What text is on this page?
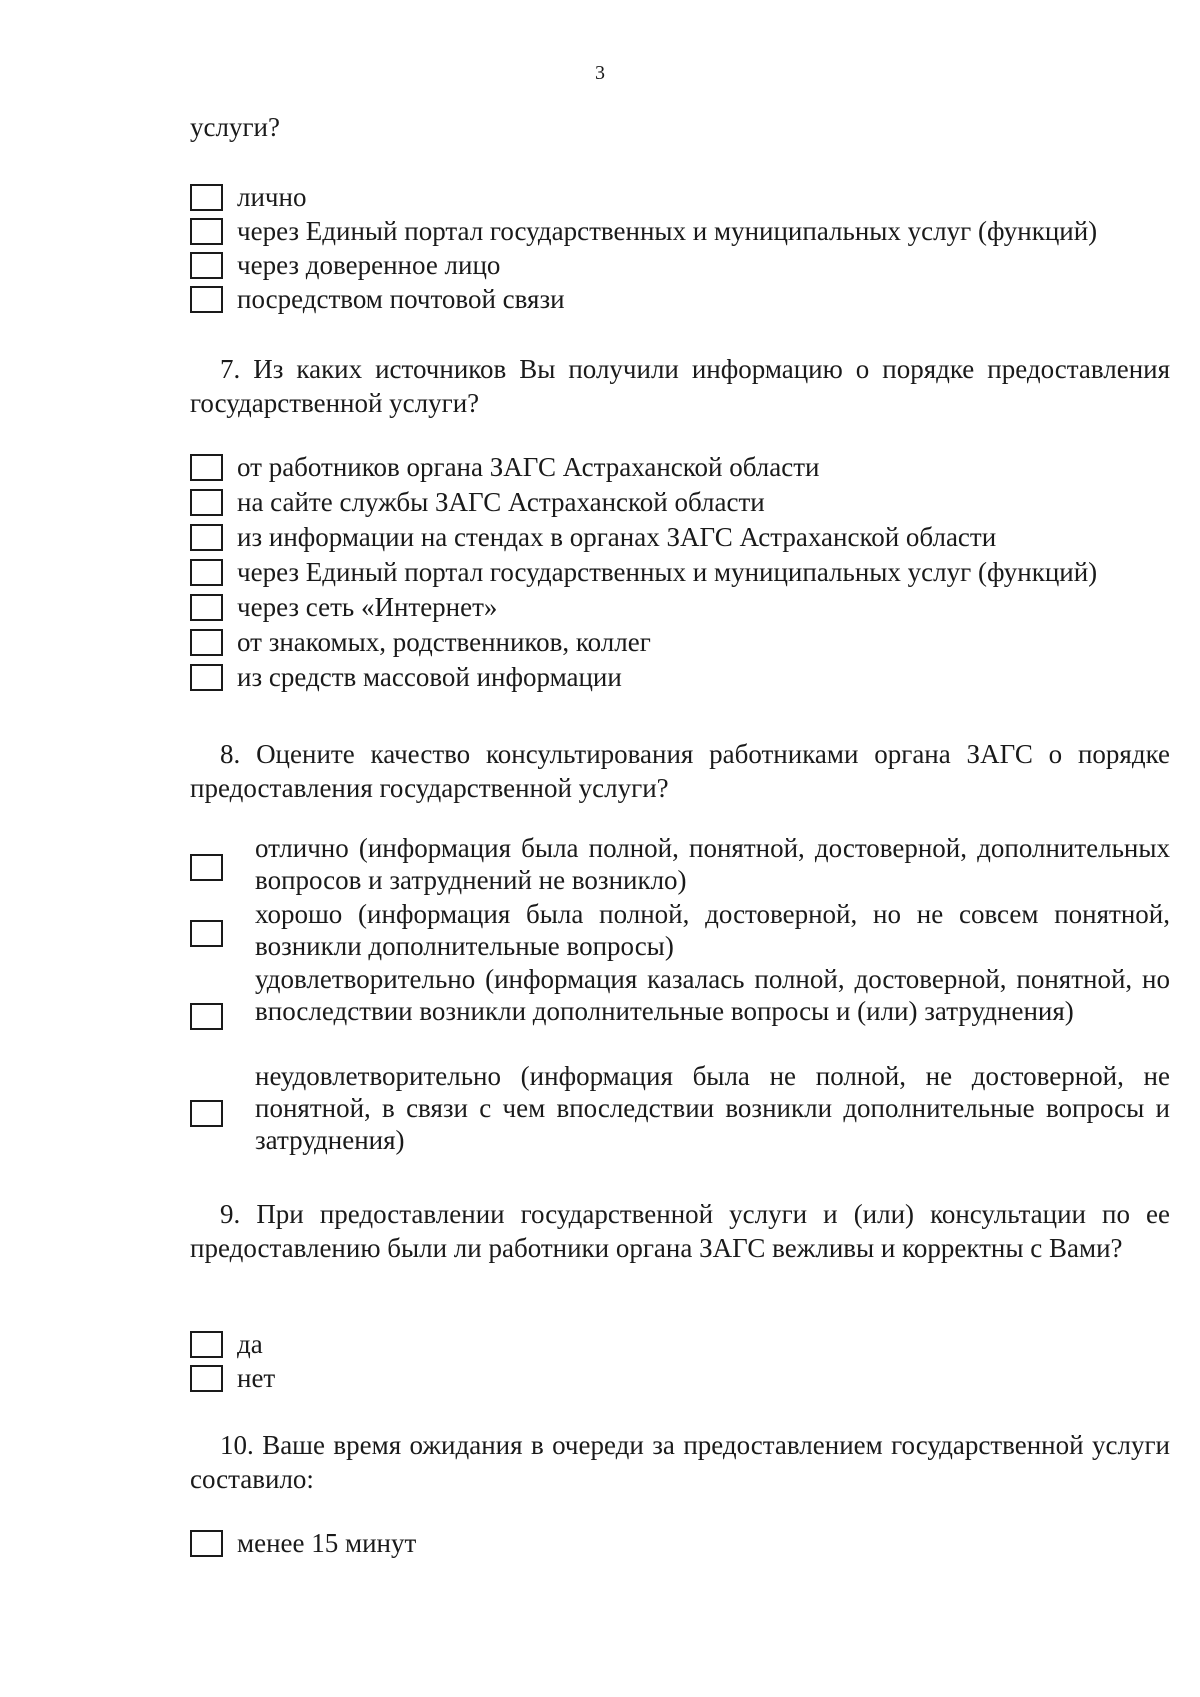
3
услуги?
лично
через Единый портал государственных и муниципальных услуг (функций)
через доверенное лицо
посредством почтовой связи
7. Из каких источников Вы получили информацию о порядке предоставления государственной услуги?
от работников органа ЗАГС Астраханской области
на сайте службы ЗАГС Астраханской области
из информации на стендах в органах ЗАГС Астраханской области
через Единый портал государственных и муниципальных услуг (функций)
через сеть «Интернет»
от знакомых, родственников, коллег
из средств массовой информации
8. Оцените качество консультирования работниками органа ЗАГС о порядке предоставления государственной услуги?
отлично (информация была полной, понятной, достоверной, дополнительных вопросов и затруднений не возникло)
хорошо (информация была полной, достоверной, но не совсем понятной, возникли дополнительные вопросы)
удовлетворительно (информация казалась полной, достоверной, понятной, но впоследствии возникли дополнительные вопросы и (или) затруднения)
неудовлетворительно (информация была не полной, не достоверной, не понятной, в связи с чем впоследствии возникли дополнительные вопросы и затруднения)
9. При предоставлении государственной услуги и (или) консультации по ее предоставлению были ли работники органа ЗАГС вежливы и корректны с Вами?
да
нет
10. Ваше время ожидания в очереди за предоставлением государственной услуги составило:
менее 15 минут
